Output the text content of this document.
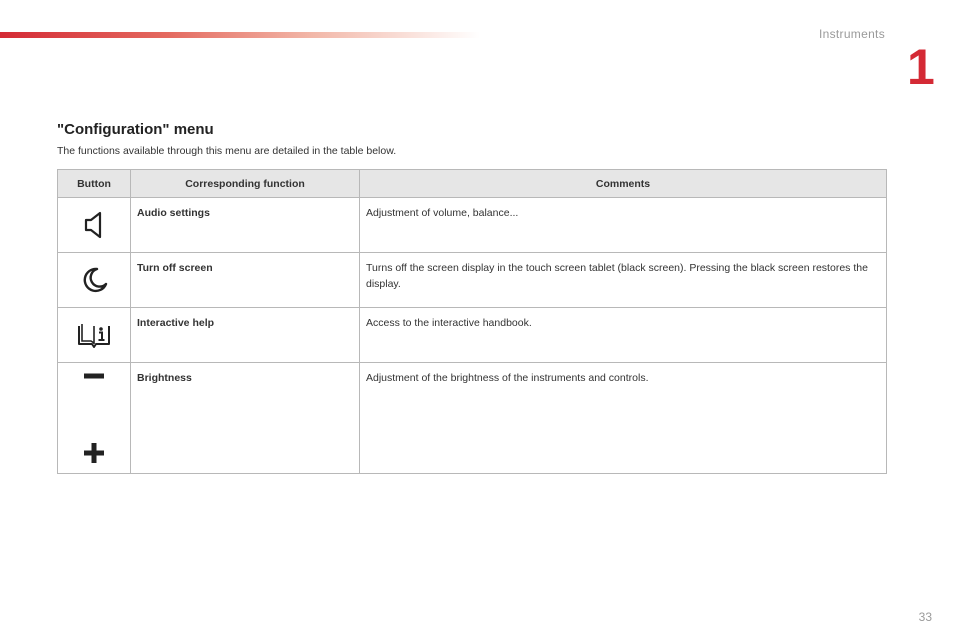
Instruments
1
"Configuration" menu
The functions available through this menu are detailed in the table below.
Button	Corresponding function	Comments

	Audio settings	Adjustment of volume, balance...

	Turn off screen	Turns off the screen display in the touch screen tablet (black screen). Pressing the black screen restores the display.

	Interactive help	Access to the interactive handbook.

	Brightness	Adjustment of the brightness of the instruments and controls.
33
